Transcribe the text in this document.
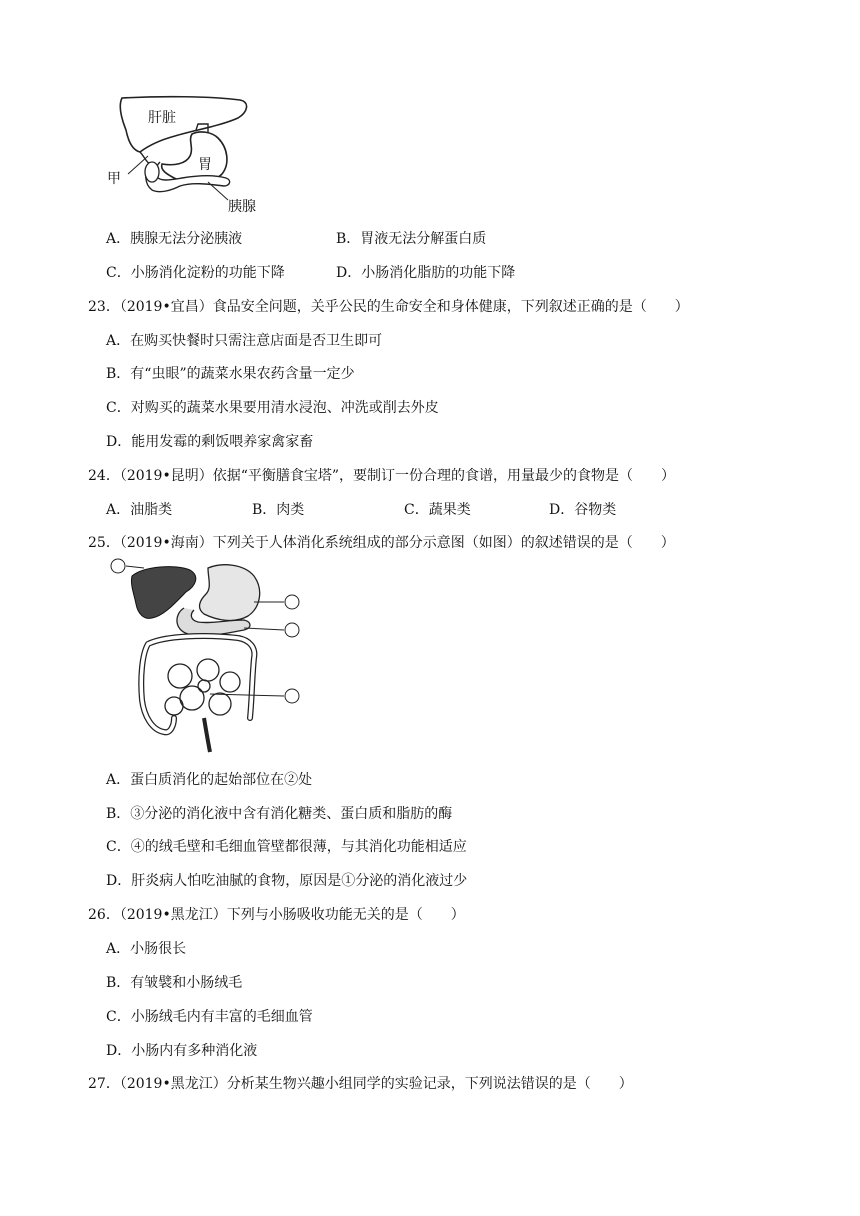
肝脏
胃
甲
胰腺
A．胰腺无法分泌胰液	B．胃液无法分解蛋白质
C．小肠消化淀粉的功能下降	D．小肠消化脂肪的功能下降
23．（2019•宜昌）食品安全问题，关乎公民的生命安全和身体健康，下列叙述正确的是（　　）
A．在购买快餐时只需注意店面是否卫生即可
B．有“虫眼”的蔬菜水果农药含量一定少
C．对购买的蔬菜水果要用清水浸泡、冲洗或削去外皮
D．能用发霉的剩饭喂养家禽家畜
24．（2019•昆明）依据“平衡膳食宝塔”，要制订一份合理的食谱，用量最少的食物是（　　）
A．油脂类	B．肉类	C．蔬果类	D．谷物类
25．（2019•海南）下列关于人体消化系统组成的部分示意图（如图）的叙述错误的是（　　）
①
②
③
④
A．蛋白质消化的起始部位在②处
B．③分泌的消化液中含有消化糖类、蛋白质和脂肪的酶
C．④的绒毛壁和毛细血管壁都很薄，与其消化功能相适应
D．肝炎病人怕吃油腻的食物，原因是①分泌的消化液过少
26．（2019•黑龙江）下列与小肠吸收功能无关的是（　　）
A．小肠很长
B．有皱襞和小肠绒毛
C．小肠绒毛内有丰富的毛细血管
D．小肠内有多种消化液
27．（2019•黑龙江）分析某生物兴趣小组同学的实验记录，下列说法错误的是（　　）
